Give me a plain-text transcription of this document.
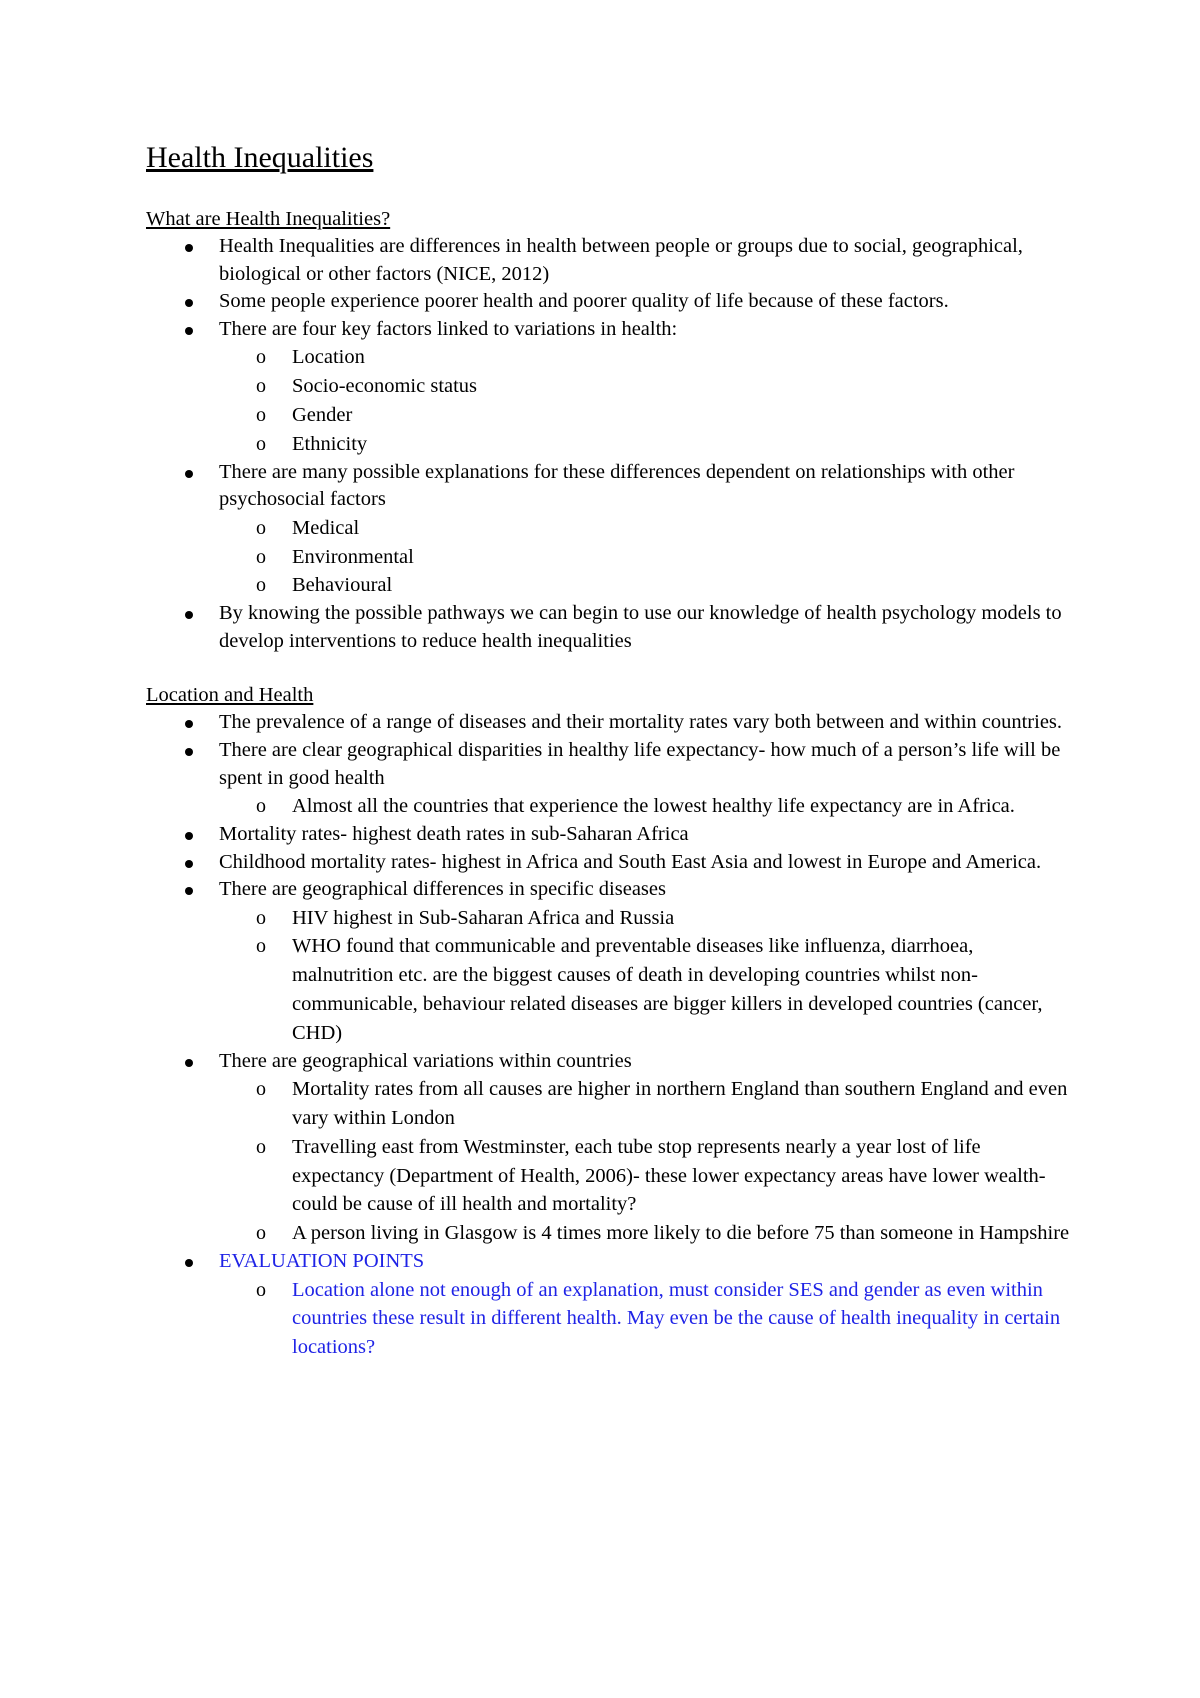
Health Inequalities
What are Health Inequalities?
Health Inequalities are differences in health between people or groups due to social, geographical, biological or other factors (NICE, 2012)
Some people experience poorer health and poorer quality of life because of these factors.
There are four key factors linked to variations in health:
o Location
o Socio-economic status
o Gender
o Ethnicity
There are many possible explanations for these differences dependent on relationships with other psychosocial factors
o Medical
o Environmental
o Behavioural
By knowing the possible pathways we can begin to use our knowledge of health psychology models to develop interventions to reduce health inequalities
Location and Health
The prevalence of a range of diseases and their mortality rates vary both between and within countries.
There are clear geographical disparities in healthy life expectancy- how much of a person’s life will be spent in good health
o Almost all the countries that experience the lowest healthy life expectancy are in Africa.
Mortality rates- highest death rates in sub-Saharan Africa
Childhood mortality rates- highest in Africa and South East Asia and lowest in Europe and America.
There are geographical differences in specific diseases
o HIV highest in Sub-Saharan Africa and Russia
o WHO found that communicable and preventable diseases like influenza, diarrhoea, malnutrition etc. are the biggest causes of death in developing countries whilst non-communicable, behaviour related diseases are bigger killers in developed countries (cancer, CHD)
There are geographical variations within countries
o Mortality rates from all causes are higher in northern England than southern England and even vary within London
o Travelling east from Westminster, each tube stop represents nearly a year lost of life expectancy (Department of Health, 2006)- these lower expectancy areas have lower wealth- could be cause of ill health and mortality?
o A person living in Glasgow is 4 times more likely to die before 75 than someone in Hampshire
EVALUATION POINTS
o Location alone not enough of an explanation, must consider SES and gender as even within countries these result in different health. May even be the cause of health inequality in certain locations?
